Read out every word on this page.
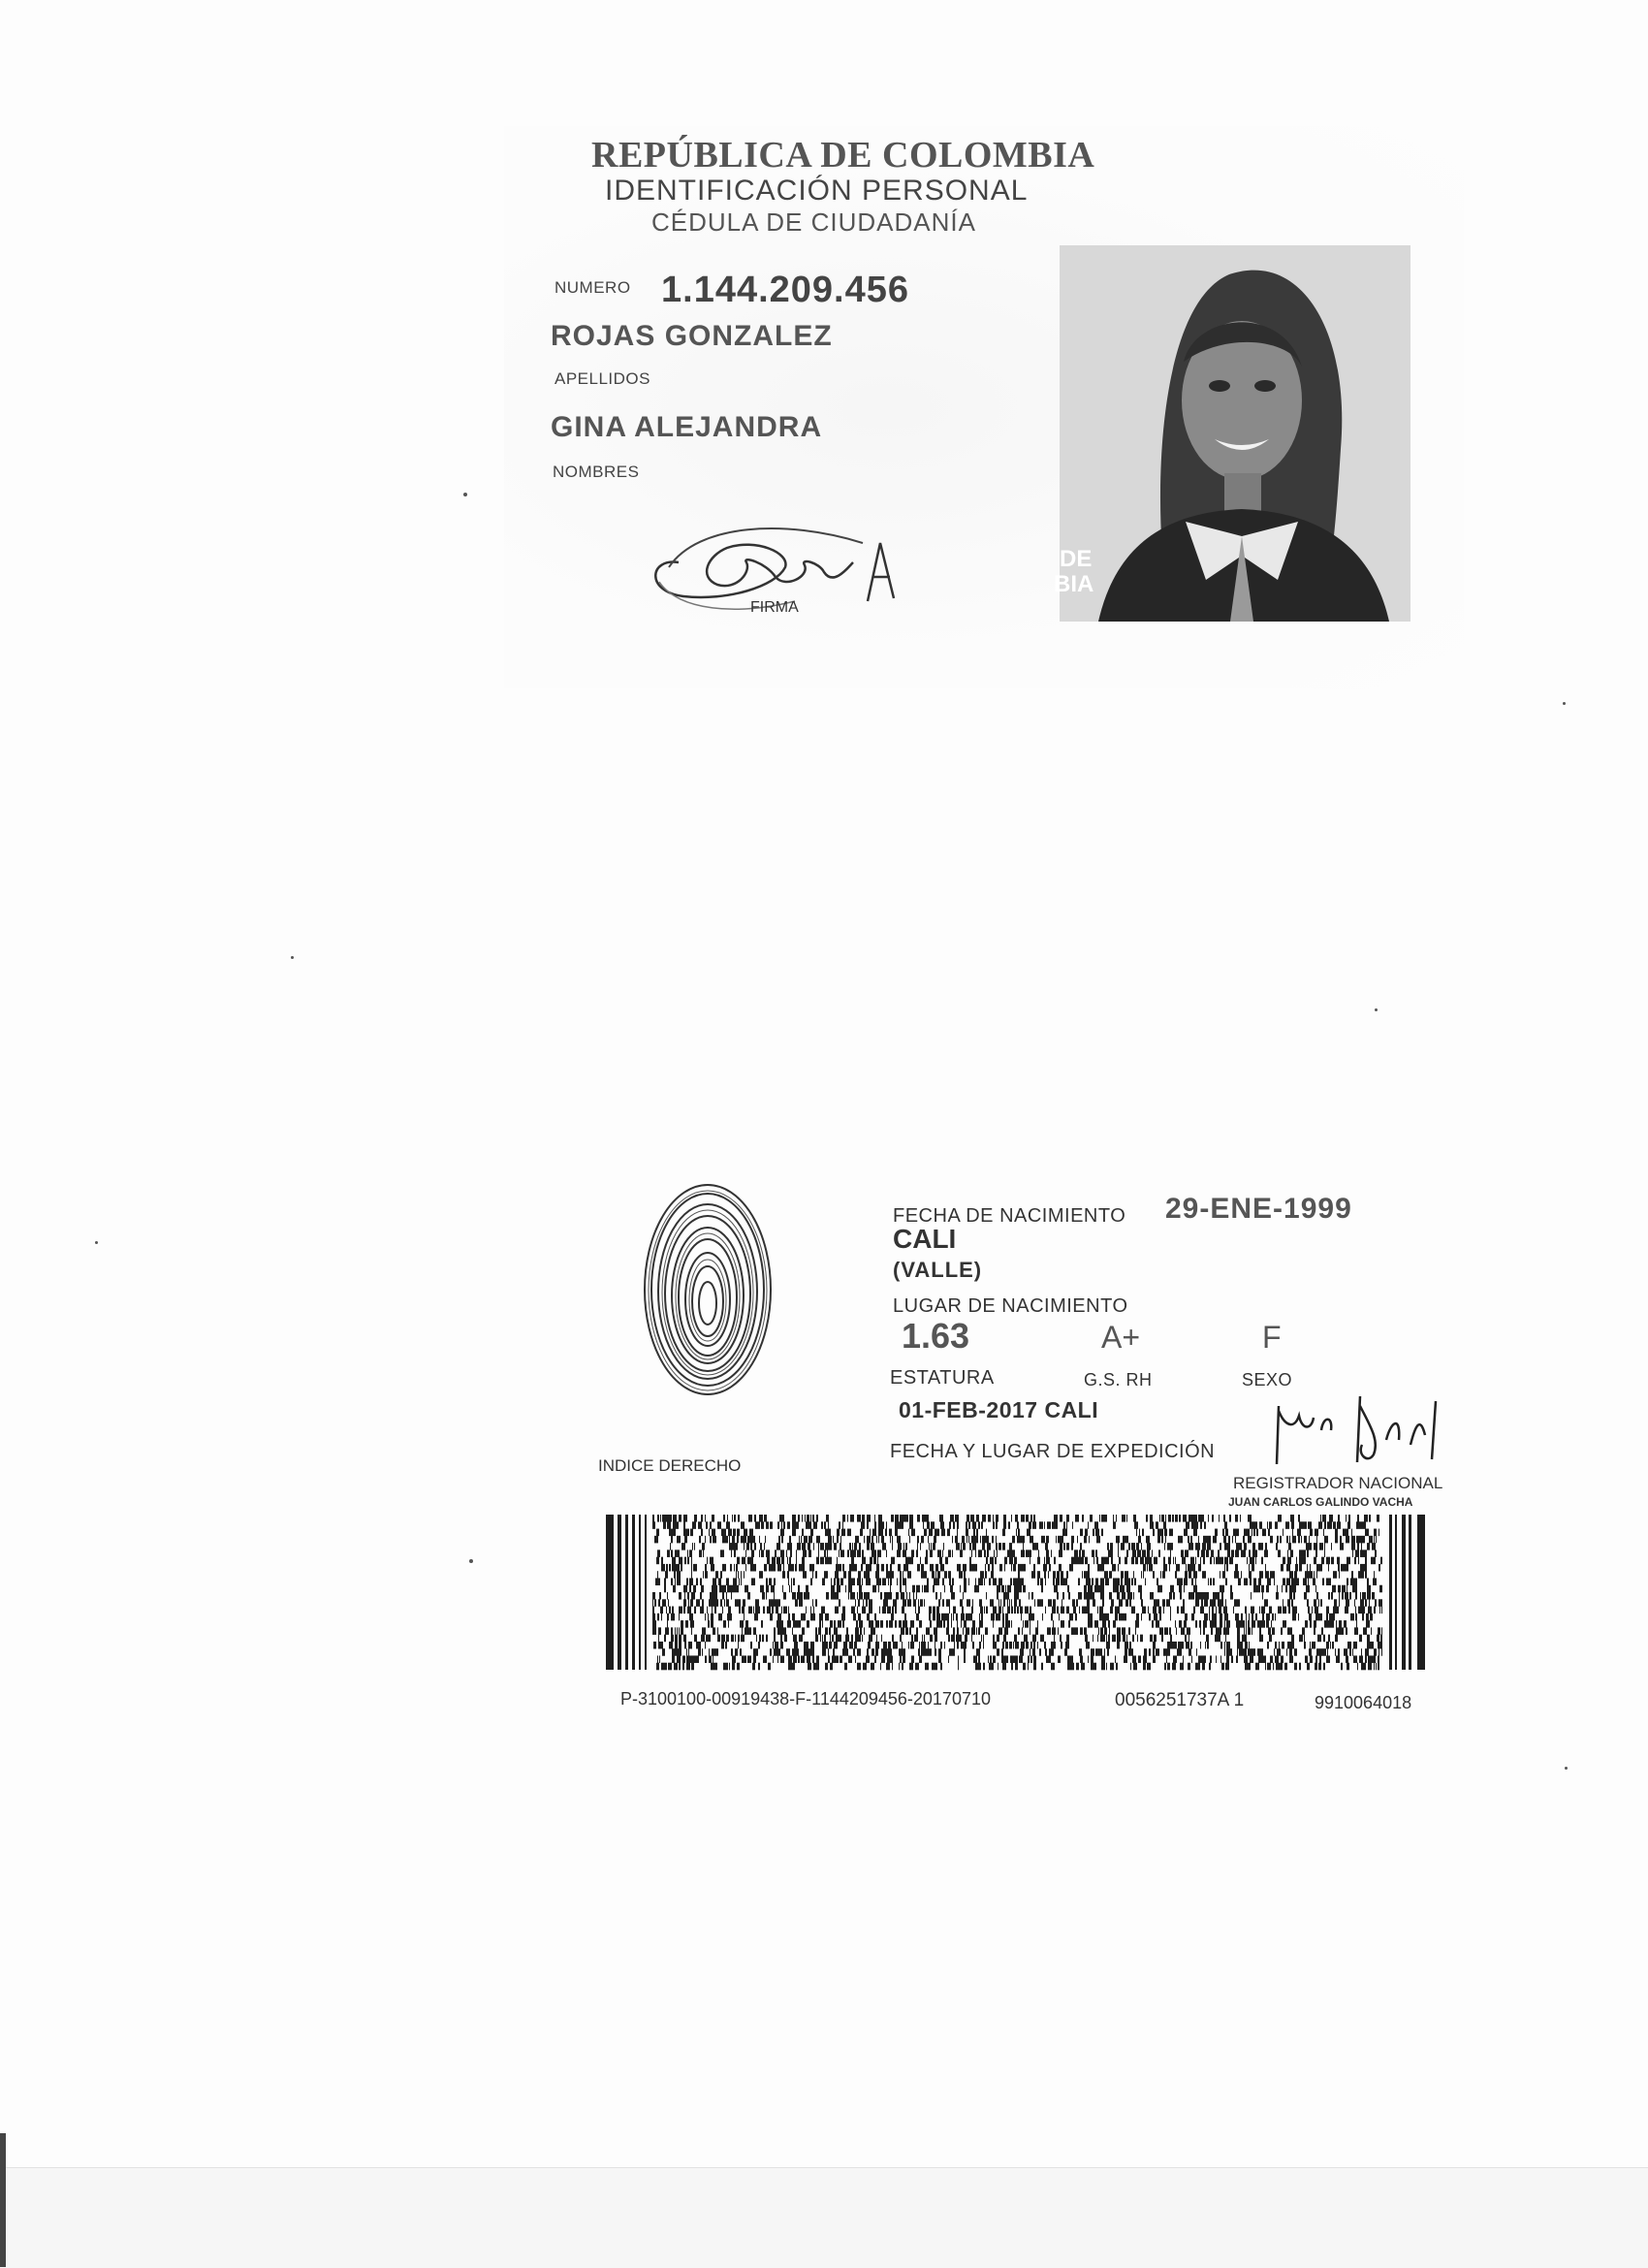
REPÚBLICA DE COLOMBIA
IDENTIFICACIÓN PERSONAL
CÉDULA DE CIUDADANÍA
NUMERO 1.144.209.456
ROJAS GONZALEZ
APELLIDOS
GINA ALEJANDRA
NOMBRES
FIRMA
DE
BIA
INDICE DERECHO
FECHA DE NACIMIENTO 29-ENE-1999
CALI
(VALLE)
LUGAR DE NACIMIENTO
1.63	A+	F
ESTATURA	G.S. RH	SEXO
01-FEB-2017 CALI
FECHA Y LUGAR DE EXPEDICIÓN
REGISTRADOR NACIONAL
JUAN CARLOS GALINDO VACHA
P-3100100-00919438-F-1144209456-20170710	0056251737A 1	9910064018
